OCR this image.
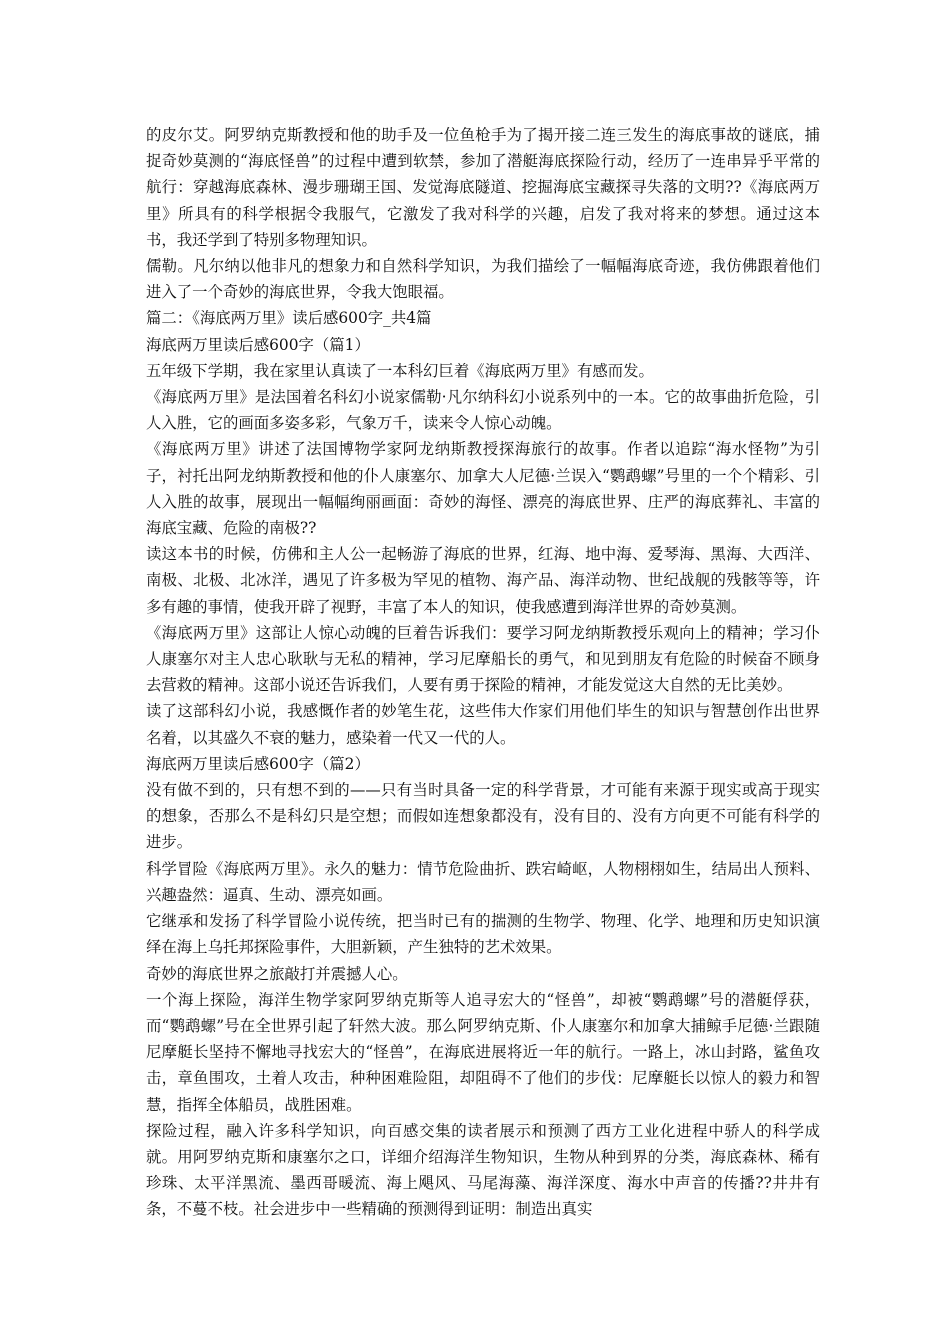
的皮尔艾。阿罗纳克斯教授和他的助手及一位鱼枪手为了揭开接二连三发生的海底事故的谜底，捕捉奇妙莫测的“海底怪兽”的过程中遭到软禁，参加了潜艇海底探险行动，经历了一连串异乎平常的航行：穿越海底森林、漫步珊瑚王国、发觉海底隧道、挖掘海底宝藏探寻失落的文明??《海底两万里》所具有的科学根据令我服气，它激发了我对科学的兴趣，启发了我对将来的梦想。通过这本书，我还学到了特别多物理知识。

儒勒。凡尔纳以他非凡的想象力和自然科学知识，为我们描绘了一幅幅海底奇迹，我仿佛跟着他们进入了一个奇妙的海底世界，令我大饱眼福。

篇二：《海底两万里》读后感600字_共4篇

海底两万里读后感600字（篇1）

五年级下学期，我在家里认真读了一本科幻巨着《海底两万里》有感而发。

《海底两万里》是法国着名科幻小说家儒勒·凡尔纳科幻小说系列中的一本。它的故事曲折危险，引人入胜，它的画面多姿多彩，气象万千，读来令人惊心动魄。

《海底两万里》讲述了法国博物学家阿龙纳斯教授探海旅行的故事。作者以追踪“海水怪物”为引子，衬托出阿龙纳斯教授和他的仆人康塞尔、加拿大人尼德·兰误入“鹦鹉螺”号里的一个个精彩、引人入胜的故事，展现出一幅幅绚丽画面：奇妙的海怪、漂亮的海底世界、庄严的海底葬礼、丰富的海底宝藏、危险的南极??

读这本书的时候，仿佛和主人公一起畅游了海底的世界，红海、地中海、爱琴海、黑海、大西洋、南极、北极、北冰洋，遇见了许多极为罕见的植物、海产品、海洋动物、世纪战舰的残骸等等，许多有趣的事情，使我开辟了视野，丰富了本人的知识，使我感遭到海洋世界的奇妙莫测。

《海底两万里》这部让人惊心动魄的巨着告诉我们：要学习阿龙纳斯教授乐观向上的精神；学习仆人康塞尔对主人忠心耿耿与无私的精神，学习尼摩船长的勇气，和见到朋友有危险的时候奋不顾身去营救的精神。这部小说还告诉我们，人要有勇于探险的精神，才能发觉这大自然的无比美妙。

读了这部科幻小说，我感慨作者的妙笔生花，这些伟大作家们用他们毕生的知识与智慧创作出世界名着，以其盛久不衰的魅力，感染着一代又一代的人。

海底两万里读后感600字（篇2）

没有做不到的，只有想不到的——只有当时具备一定的科学背景，才可能有来源于现实或高于现实的想象，否那么不是科幻只是空想；而假如连想象都没有，没有目的、没有方向更不可能有科学的进步。

科学冒险《海底两万里》。永久的魅力：情节危险曲折、跌宕崎岖，人物栩栩如生，结局出人预料、兴趣盎然：逼真、生动、漂亮如画。

它继承和发扬了科学冒险小说传统，把当时已有的揣测的生物学、物理、化学、地理和历史知识演绎在海上乌托邦探险事件，大胆新颖，产生独特的艺术效果。

奇妙的海底世界之旅敲打并震撼人心。

一个海上探险，海洋生物学家阿罗纳克斯等人追寻宏大的“怪兽”，却被“鹦鹉螺”号的潜艇俘获，而“鹦鹉螺”号在全世界引起了轩然大波。那么阿罗纳克斯、仆人康塞尔和加拿大捕鲸手尼德·兰跟随尼摩艇长坚持不懈地寻找宏大的“怪兽”，在海底进展将近一年的航行。一路上，冰山封路，鲨鱼攻击，章鱼围攻，土着人攻击，种种困难险阻，却阻碍不了他们的步伐：尼摩艇长以惊人的毅力和智慧，指挥全体船员，战胜困难。

探险过程，融入许多科学知识，向百感交集的读者展示和预测了西方工业化进程中骄人的科学成就。用阿罗纳克斯和康塞尔之口，详细介绍海洋生物知识，生物从种到界的分类，海底森林、稀有珍珠、太平洋黑流、墨西哥暖流、海上飓风、马尾海藻、海洋深度、海水中声音的传播??井井有条，不蔓不枝。社会进步中一些精确的预测得到证明：制造出真实
